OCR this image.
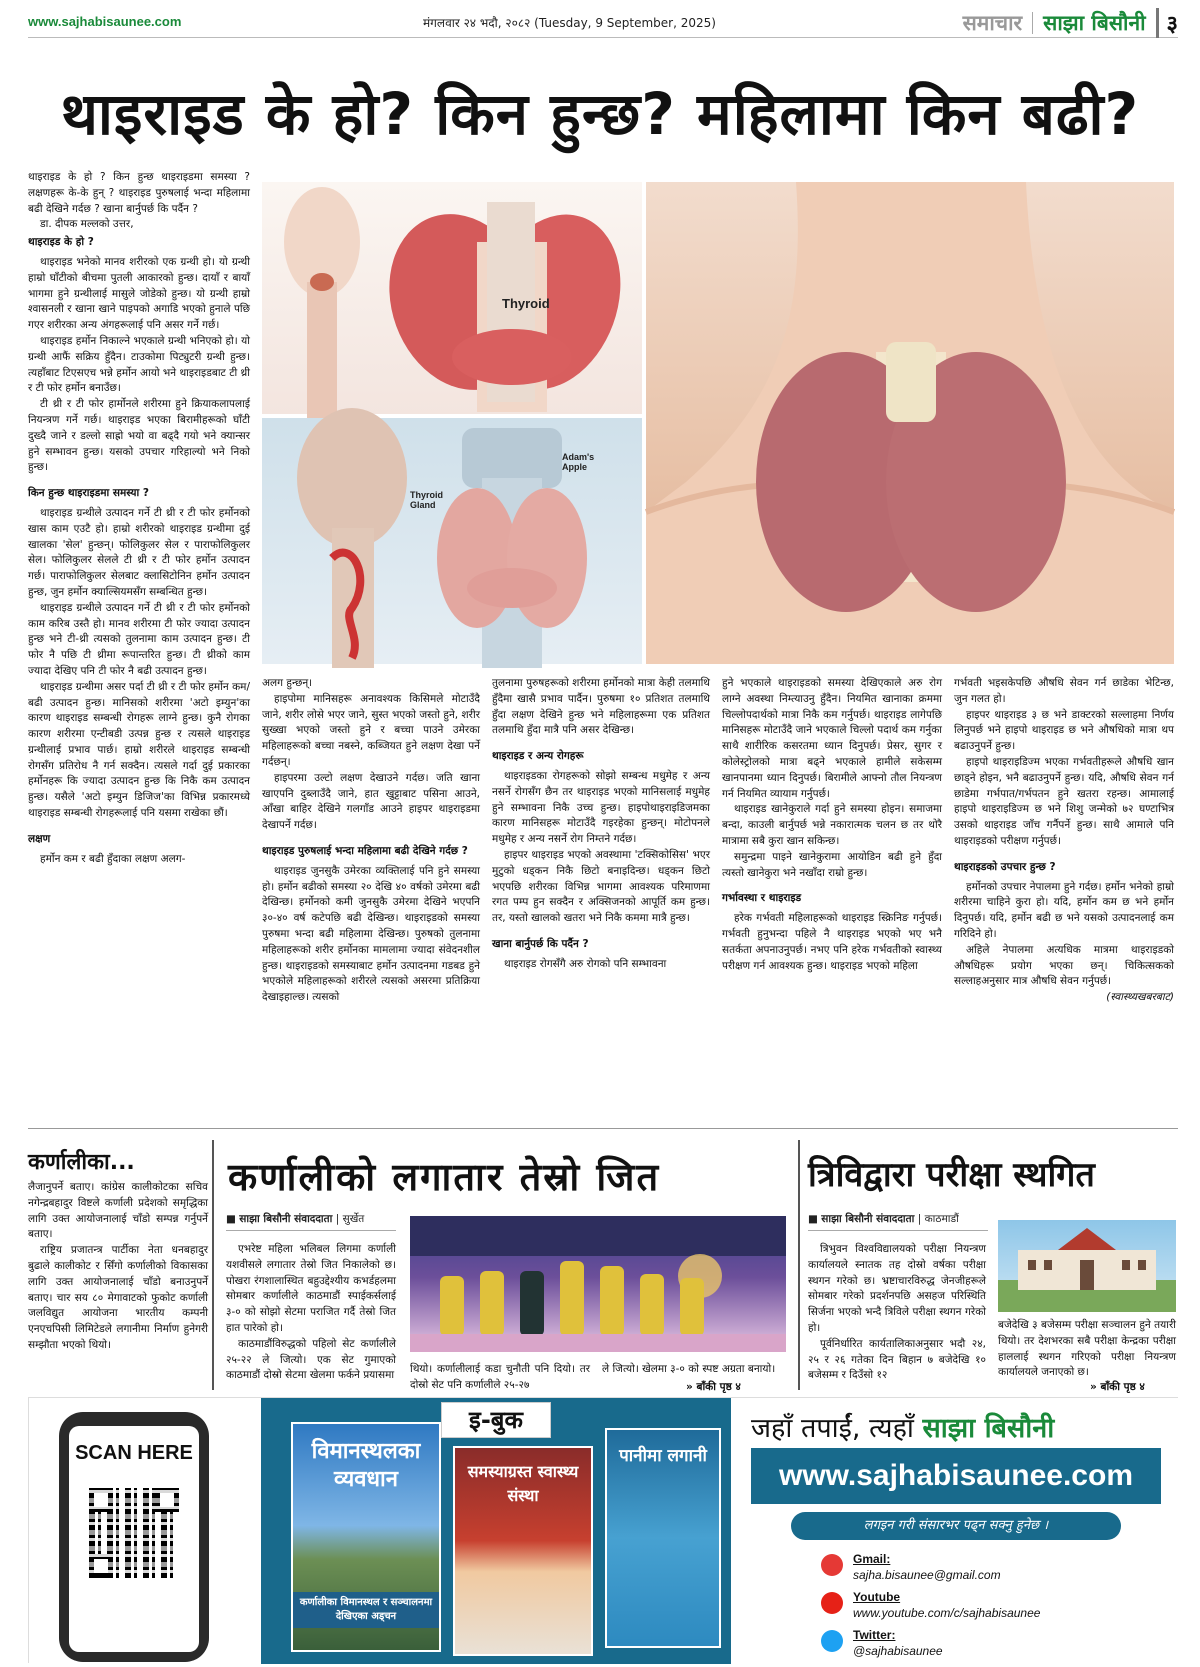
www.sajhabisaunee.com	मंगलवार २४ भदौ, २०८२ (Tuesday, 9 September, 2025)	समाचार साझा बिसौनी ३
थाइराइड के हो? किन हुन्छ? महिलामा किन बढी?

थाइराइड के हो ? किन हुन्छ थाइराइडमा समस्या ? लक्षणहरू के-के हुन् ? थाइराइड पुरुषलाई भन्दा महिलामा बढी देखिने गर्दछ ? खाना बार्नुपर्छ कि पर्दैन ?

डा. दीपक मल्लको उत्तर,

थाइराइड के हो ?

थाइराइड भनेको मानव शरीरको एक ग्रन्थी हो। यो ग्रन्थी हाम्रो घाँटीको बीचमा पुतली आकारको हुन्छ। दायाँ र बायाँ भागमा हुने ग्रन्थीलाई मासुले जोडेको हुन्छ। यो ग्रन्थी हाम्रो श्वासनली र खाना खाने पाइपको अगाडि भएको हुनाले पछि गएर शरीरका अन्य अंगहरूलाई पनि असर गर्ने गर्छ।

थाइराइड हर्मोन निकाल्ने भएकाले ग्रन्थी भनिएको हो। यो ग्रन्थी आफैं सक्रिय हुँदैन। टाउकोमा पिट्युटरी ग्रन्थी हुन्छ। त्यहाँबाट टिएसएच भन्ने हर्मोन आयो भने थाइराइडबाट टी थ्री र टी फोर हर्मोन बनाउँछ।

टी थ्री र टी फोर हार्मोनले शरीरमा हुने क्रियाकलापलाई नियन्त्रण गर्ने गर्छ। थाइराइड भएका बिरामीहरूको घाँटी दुख्दै जाने र डल्लो साह्रो भयो वा बढ्दै गयो भने क्यान्सर हुने सम्भावन हुन्छ। यसको उपचार गरिहाल्यो भने निको हुन्छ।

किन हुन्छ थाइराइडमा समस्या ?

थाइराइड ग्रन्थीले उत्पादन गर्ने टी थ्री र टी फोर हर्मोनको खास काम एउटै हो। हाम्रो शरीरको थाइराइड ग्रन्थीमा दुई खालका 'सेल' हुन्छन्। फोलिकुलर सेल र पाराफोलिकुलर सेल। फोलिकुलर सेलले टी थ्री र टी फोर हर्मोन उत्पादन गर्छ। पाराफोलिकुलर सेलबाट क्लासिटोनिन हर्मोन उत्पादन हुन्छ, जुन हर्मोन क्याल्सियमसँग सम्बन्धित हुन्छ।

थाइराइड ग्रन्थीले उत्पादन गर्ने टी थ्री र टी फोर हर्मोनको काम करिब उस्तै हो। मानव शरीरमा टी फोर ज्यादा उत्पादन हुन्छ भने टी-थ्री त्यसको तुलनामा काम उत्पादन हुन्छ। टी फोर नै पछि टी थ्रीमा रूपान्तरित हुन्छ। टी थ्रीको काम ज्यादा देखिए पनि टी फोर नै बढी उत्पादन हुन्छ।

थाइराइड ग्रन्थीमा असर पर्दा टी थ्री र टी फोर हर्मोन कम/बढी उत्पादन हुन्छ। मानिसको शरीरमा 'अटो इम्युन'का कारण थाइराइड सम्बन्धी रोगहरू लाग्ने हुन्छ। कुनै रोगका कारण शरीरमा एन्टीबडी उत्पन्न हुन्छ र त्यसले थाइराइड ग्रन्थीलाई प्रभाव पार्छ। हाम्रो शरीरले थाइराइड सम्बन्धी रोगसँग प्रतिरोध नै गर्न सक्दैन। त्यसले गर्दा दुई प्रकारका हर्मोनहरू कि ज्यादा उत्पादन हुन्छ कि निकै कम उत्पादन हुन्छ। यसैले 'अटो इम्युन डिजिज'का विभिन्न प्रकारमध्ये थाइराइड सम्बन्धी रोगहरूलाई पनि यसमा राखेका छौं।

लक्षण

हर्मोन कम र बढी हुँदाका लक्षण अलग-

Thyroid
Thyroid Gland
Adam's Apple

अलग हुन्छन्।

हाइपोमा मानिसहरू अनावश्यक किसिमले मोटाउँदै जाने, शरीर लोसे भएर जाने, सुस्त भएको जस्तो हुने, शरीर सुख्खा भएको जस्तो हुने र बच्चा पाउने उमेरका महिलाहरूको बच्चा नबस्ने, कब्जियत हुने लक्षण देखा पर्ने गर्दछन्।

हाइपरमा उल्टो लक्षण देखाउने गर्दछ। जति खाना खाएपनि दुब्लाउँदै जाने, हात खुट्टाबाट पसिना आउने, आँखा बाहिर देखिने गलगाँड आउने हाइपर थाइराइडमा देखापर्ने गर्दछ।

थाइराइड पुरुषलाई भन्दा महिलामा बढी देखिने गर्दछ ?

थाइराइड जुनसुकै उमेरका व्यक्तिलाई पनि हुने समस्या हो। हर्मोन बढीको समस्या २० देखि ४० वर्षको उमेरमा बढी देखिन्छ। हर्मोनको कमी जुनसुकै उमेरमा देखिने भएपनि ३०-४० वर्ष कटेपछि बढी देखिन्छ। थाइराइडको समस्या पुरुषमा भन्दा बढी महिलामा देखिन्छ। पुरुषको तुलनामा महिलाहरूको शरीर हर्मोनका मामलामा ज्यादा संवेदनशील हुन्छ। थाइराइडको समस्याबाट हर्मोन उत्पादनमा गडबड हुने भएकोले महिलाहरूको शरीरले त्यसको असरमा प्रतिक्रिया देखाइहाल्छ। त्यसको

तुलनामा पुरुषहरूको शरीरमा हर्मोनको मात्रा केही तलमाथि हुँदैमा खासै प्रभाव पार्दैन। पुरुषमा १० प्रतिशत तलमाथि हुँदा लक्षण देखिने हुन्छ भने महिलाहरूमा एक प्रतिशत तलमाथि हुँदा मात्रै पनि असर देखिन्छ।

थाइराइड र अन्य रोगहरू

थाइराइडका रोगहरूको सोझो सम्बन्ध मधुमेह र अन्य नसर्ने रोगसँग छैन तर थाइराइड भएको मानिसलाई मधुमेह हुने सम्भावना निकै उच्च हुन्छ। हाइपोथाइराइडिजमका कारण मानिसहरू मोटाउँदै गइरहेका हुन्छन्। मोटोपनले मधुमेह र अन्य नसर्ने रोग निम्तने गर्दछ।

हाइपर थाइराइड भएको अवस्थामा 'टक्सिकोसिस' भएर मुटुको धड्कन निकै छिटो बनाइदिन्छ। धड्कन छिटो भएपछि शरीरका विभिन्न भागमा आवश्यक परिमाणमा रगत पम्प हुन सक्दैन र अक्सिजनको आपूर्ति कम हुन्छ। तर, यस्तो खालको खतरा भने निकै कममा मात्रै हुन्छ।

खाना बार्नुपर्छ कि पर्दैन ?

थाइराइड रोगसँगै अरु रोगको पनि सम्भावना

हुने भएकाले थाइराइडको समस्या देखिएकाले अरु रोग लाग्ने अवस्था निम्त्याउनु हुँदैन। नियमित खानाका क्रममा चिल्लोपदार्थको मात्रा निकै कम गर्नुपर्छ। थाइराइड लागेपछि मानिसहरू मोटाउँदै जाने भएकाले चिल्लो पदार्थ कम गर्नुका साथै शारीरिक कसरतमा ध्यान दिनुपर्छ। प्रेसर, सुगर र कोलेस्ट्रोलको मात्रा बढ्ने भएकाले हामीले सकेसम्म खानपानमा ध्यान दिनुपर्छ। बिरामीले आफ्नो तौल नियन्त्रण गर्न नियमित व्यायाम गर्नुपर्छ।

थाइराइड खानेकुराले गर्दा हुने समस्या होइन। समाजमा बन्दा, काउली बार्नुपर्छ भन्ने नकारात्मक चलन छ तर थोरै मात्रामा सबै कुरा खान सकिन्छ।

समुन्द्रमा पाइने खानेकुरामा आयोडिन बढी हुने हुँदा त्यस्तो खानेकुरा भने नखाँदा राम्रो हुन्छ।

गर्भावस्था र थाइराइड

हरेक गर्भवती महिलाहरूको थाइराइड स्क्रिनिङ गर्नुपर्छ। गर्भवती हुनुभन्दा पहिले नै थाइराइड भएको भए भनै सतर्कता अपनाउनुपर्छ। नभए पनि हरेक गर्भवतीको स्वास्थ्य परीक्षण गर्न आवश्यक हुन्छ। थाइराइड भएको महिला

गर्भवती भइसकेपछि औषधि सेवन गर्न छाडेका भेटिन्छ, जुन गलत हो।

हाइपर थाइराइड ३ छ भने डाक्टरको सल्लाहमा निर्णय लिनुपर्छ भने हाइपो थाइराइड छ भने औषधिको मात्रा थप बढाउनुपर्ने हुन्छ।

हाइपो थाइराइडिज्म भएका गर्भवतीहरूले औषधि खान छाड्ने होइन, भनै बढाउनुपर्ने हुन्छ। यदि, औषधि सेवन गर्न छाडेमा गर्भपात/गर्भपतन हुने खतरा रहन्छ। आमालाई हाइपो थाइराइडिज्म छ भने शिशु जन्मेको ७२ घण्टाभित्र उसको थाइराइड जाँच गर्नैपर्ने हुन्छ। साथै आमाले पनि थाइराइडको परीक्षण गर्नुपर्छ।

थाइराइडको उपचार हुन्छ ?

हर्मोनको उपचार नेपालमा हुने गर्दछ। हर्मोन भनेको हाम्रो शरीरमा चाहिने कुरा हो। यदि, हर्मोन कम छ भने हर्मोन दिनुपर्छ। यदि, हर्मोन बढी छ भने यसको उत्पादनलाई कम गरिदिने हो।

अहिले नेपालमा अत्यधिक मात्रमा थाइराइडको औषधिहरू प्रयोग भएका छन्। चिकित्सकको सल्लाहअनुसार मात्र औषधि सेवन गर्नुपर्छ।

(स्वास्थ्यखबरबाट)

कर्णालीका...

लैजानुपर्ने बताए। कांग्रेस कालीकोटका सचिव नगेन्द्रबहादुर विष्टले कर्णाली प्रदेशको समृद्धिका लागि उक्त आयोजनालाई चाँडो सम्पन्न गर्नुपर्ने बताए।

राष्ट्रिय प्रजातन्त्र पार्टीका नेता धनबहादुर बुढाले कालीकोट र सिँगो कर्णालीको विकासका लागि उक्त आयोजनालाई चाँडो बनाउनुपर्ने बताए। चार सय ८० मेगावाटको फुकोट कर्णाली जलविद्युत आयोजना भारतीय कम्पनी एनएचपिसी लिमिटेडले लगानीमा निर्माण हुनेगरी सम्झौता भएको थियो।

कर्णालीको लगातार तेस्रो जित
■ साझा बिसौनी संवाददाता | सुर्खेत

एभरेष्ट महिला भलिबल लिगमा कर्णाली यशवीसले लगातार तेस्रो जित निकालेको छ। पोखरा रंगशालास्थित बहुउद्देश्यीय कभर्डहलमा सोमबार कर्णालीले काठमाडौं स्पाईकर्सलाई ३-० को सोझो सेटमा पराजित गर्दै तेस्रो जित हात पारेको हो।

काठमाडौंविरुद्धको पहिलो सेट कर्णालीले २५-२२ ले जित्यो। एक सेट गुमाएको काठमाडौं दोस्रो सेटमा खेलमा फर्कने प्रयासमा

थियो। कर्णालीलाई कडा चुनौती पनि दियो। तर दोस्रो सेट पनि कर्णालीले २५-२७

ले जित्यो। खेलमा ३-० को स्पष्ट अग्रता बनायो।

» बाँकी पृष्ठ ४
त्रिविद्वारा परीक्षा स्थगित
■ साझा बिसौनी संवाददाता | काठमाडौं

त्रिभुवन विश्वविद्यालयको परीक्षा नियन्त्रण कार्यालयले स्नातक तह दोस्रो वर्षका परीक्षा स्थगन गरेको छ। भ्रष्टाचारविरुद्ध जेनजीहरूले सोमबार गरेको प्रदर्शनपछि असहज परिस्थिति सिर्जना भएको भन्दै त्रिविले परीक्षा स्थगन गरेको हो।

पूर्वनिर्धारित कार्यतालिकाअनुसार भदौ २४, २५ र २६ गतेका दिन बिहान ७ बजेदेखि १० बजेसम्म र दिउँसो १२

बजेदेखि ३ बजेसम्म परीक्षा सञ्चालन हुने तयारी थियो। तर देशभरका सबै परीक्षा केन्द्रका परीक्षा हाललाई स्थगन गरिएको परीक्षा नियन्त्रण कार्यालयले जनाएको छ।

» बाँकी पृष्ठ ४
SCAN HERE
इ-बुक
विमानस्थलका व्यवधान
कर्णालीका विमानस्थल र सञ्चालनमा देखिएका अड्चन
समस्याग्रस्त स्वास्थ्य संस्था
पानीमा लगानी
जहाँ तपाईं, त्यहाँ साझा बिसौनी
www.sajhabisaunee.com
लगइन गरी संसारभर पढ्न सक्नु हुनेछ ।
Gmail:
sajha.bisaunee@gmail.com
Youtube
www.youtube.com/c/sajhabisaunee
Twitter:
@sajhabisaunee
